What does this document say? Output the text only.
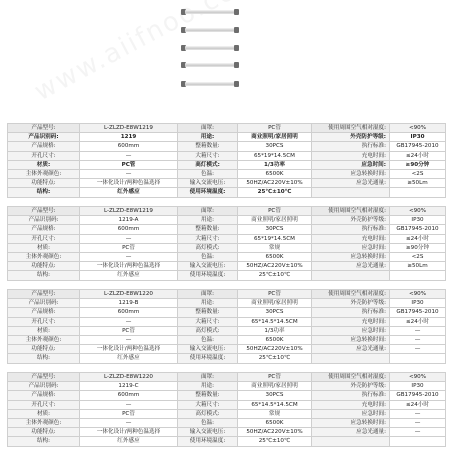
产品型号:	L-ZLZD-E8W1219	面罩:	PC管	使用周围空气相对湿度:	<90%
产品识别码:	1219	用途:	商业照明/家居照明	外壳防护等级:	IP30
产品规格:	600mm	整箱数量:	30PCS	执行标准:	GB17945-2010
开孔尺寸:	—	大箱尺寸:	65*19*14.5CM	充电时间:	≤24小时
材质:	PC管	高灯模式:	1/3功率	应急时间:	≥90分钟
主体外观颜色:	—	色温:	6500K	应急转换时间:	<2S
功能特点:	一体化设计/两种色温选择	输入交流电压:	50HZ/AC220V±10%	应急光通量:	≥50Lm
结构:	红外感应	使用环境温度:	25℃±10℃		
产品型号:	L-ZLZD-E8W1219	面罩:	PC管	使用周围空气相对湿度:	<90%
产品识别码:	1219-A	用途:	商业照明/家居照明	外壳防护等级:	IP30
产品规格:	600mm	整箱数量:	30PCS	执行标准:	GB17945-2010
开孔尺寸:	—	大箱尺寸:	65*19*14.5CM	充电时间:	≤24小时
材质:	PC管	高灯模式:	常规	应急时间:	≥90分钟
主体外观颜色:	—	色温:	6500K	应急转换时间:	<2S
功能特点:	一体化设计/两种色温选择	输入交流电压:	50HZ/AC220V±10%	应急光通量:	≥50Lm
结构:	红外感应	使用环境温度:	25℃±10℃		
产品型号:	L-ZLZD-E8W1220	面罩:	PC管	使用周围空气相对湿度:	<90%
产品识别码:	1219-B	用途:	商业照明/家居照明	外壳防护等级:	IP30
产品规格:	600mm	整箱数量:	30PCS	执行标准:	GB17945-2010
开孔尺寸:	—	大箱尺寸:	65*14.5*14.5CM	充电时间:	≤24小时
材质:	PC管	高灯模式:	1/3功率	应急时间:	—
主体外观颜色:	—	色温:	6500K	应急转换时间:	—
功能特点:	一体化设计/两种色温选择	输入交流电压:	50HZ/AC220V±10%	应急光通量:	—
结构:	红外感应	使用环境温度:	25℃±10℃		
产品型号:	L-ZLZD-E8W1220	面罩:	PC管	使用周围空气相对湿度:	<90%
产品识别码:	1219-C	用途:	商业照明/家居照明	外壳防护等级:	IP30
产品规格:	600mm	整箱数量:	30PCS	执行标准:	GB17945-2010
开孔尺寸:	—	大箱尺寸:	65*14.5*14.5CM	充电时间:	≤24小时
材质:	PC管	高灯模式:	常规	应急时间:	—
主体外观颜色:	—	色温:	6500K	应急转换时间:	—
功能特点:	一体化设计/两种色温选择	输入交流电压:	50HZ/AC220V±10%	应急光通量:	—
结构:	红外感应	使用环境温度:	25℃±10℃		
